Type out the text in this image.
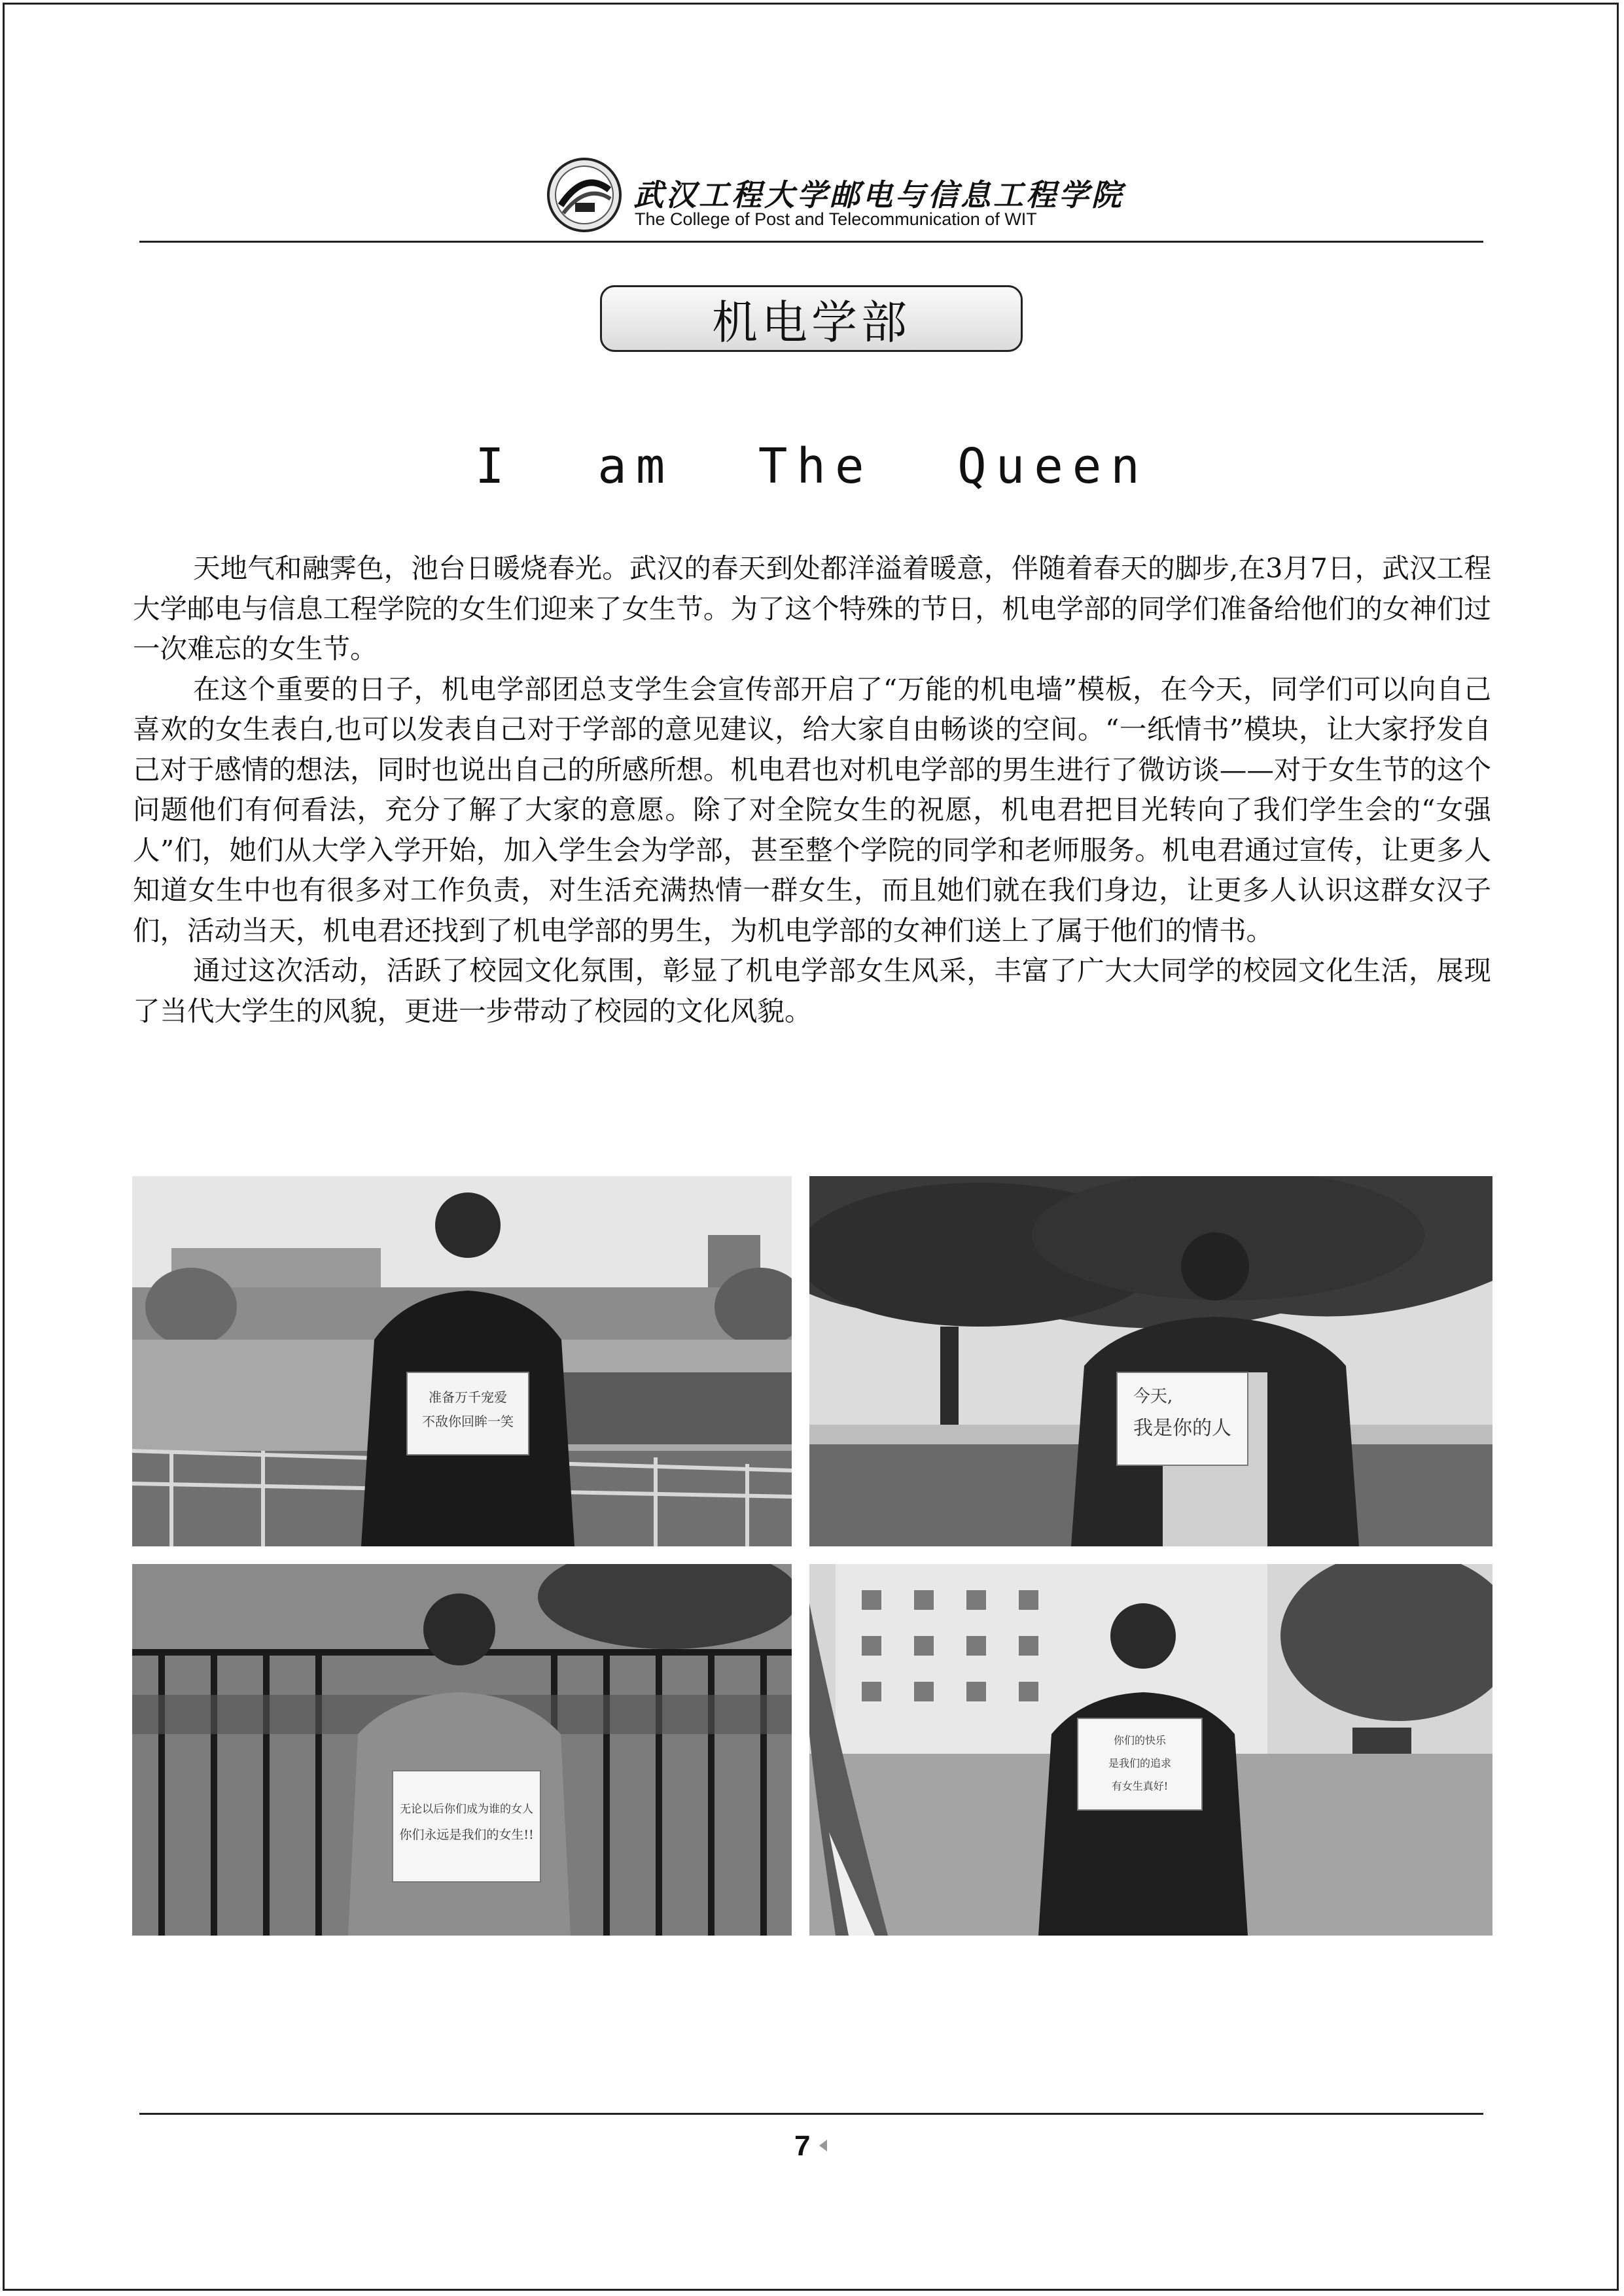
武汉工程大学邮电与信息工程学院
The College of Post and Telecommunication of WIT
机电学部
I am The Queen

天地气和融霁色，池台日暖烧春光。武汉的春天到处都洋溢着暖意，伴随着春天的脚步,在3月7日，武汉工程大学邮电与信息工程学院的女生们迎来了女生节。为了这个特殊的节日，机电学部的同学们准备给他们的女神们过一次难忘的女生节。

在这个重要的日子，机电学部团总支学生会宣传部开启了“万能的机电墙”模板，在今天，同学们可以向自己喜欢的女生表白,也可以发表自己对于学部的意见建议，给大家自由畅谈的空间。“一纸情书”模块，让大家抒发自己对于感情的想法，同时也说出自己的所感所想。机电君也对机电学部的男生进行了微访谈——对于女生节的这个问题他们有何看法，充分了解了大家的意愿。除了对全院女生的祝愿，机电君把目光转向了我们学生会的“女强人”们，她们从大学入学开始，加入学生会为学部，甚至整个学院的同学和老师服务。机电君通过宣传，让更多人知道女生中也有很多对工作负责，对生活充满热情一群女生，而且她们就在我们身边，让更多人认识这群女汉子们，活动当天，机电君还找到了机电学部的男生，为机电学部的女神们送上了属于他们的情书。

通过这次活动，活跃了校园文化氛围，彰显了机电学部女生风采，丰富了广大大同学的校园文化生活，展现了当代大学生的风貌，更进一步带动了校园的文化风貌。

准备万千宠爱
不敌你回眸一笑
今天,
我是你的人
无论以后你们成为谁的女人
你们永远是我们的女生!!
你们的快乐
是我们的追求
有女生真好!
7
